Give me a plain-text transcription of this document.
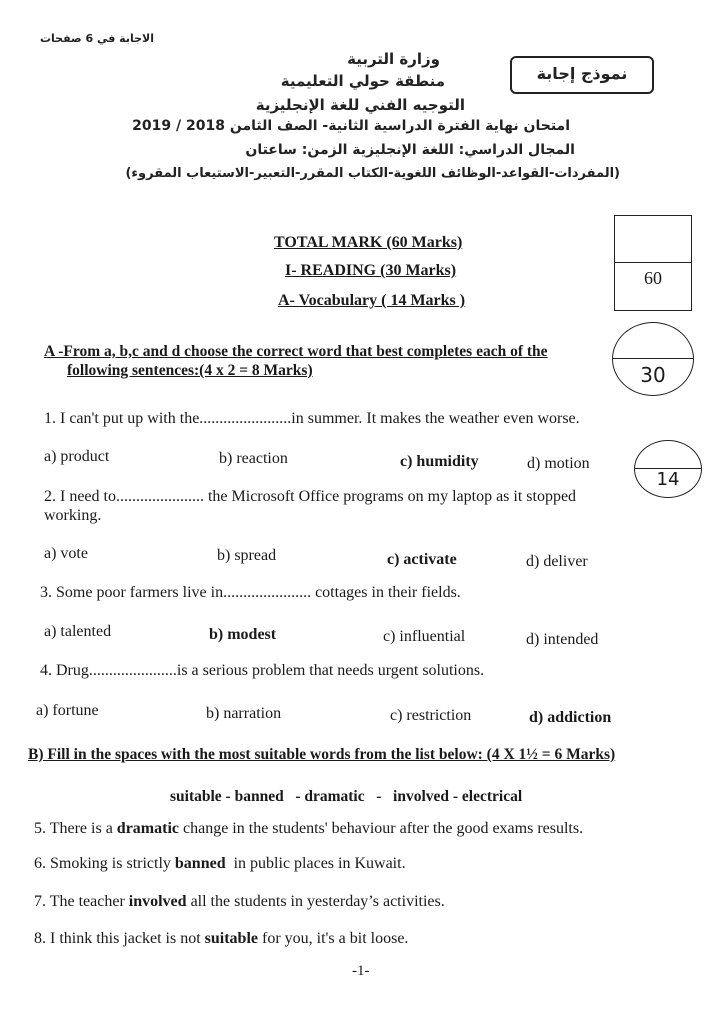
الاجابة في 6 صفحات
وزارة التربية
منطقة حولي التعليمية
التوجيه الفني للغة الإنجليزية
امتحان نهاية الفترة الدراسية الثانية- الصف الثامن 2018 / 2019
المجال الدراسي: اللغة الإنجليزية الزمن: ساعتان
(المفردات-القواعد-الوظائف اللغوية-الكتاب المقرر-التعبير-الاستيعاب المقروء)
نموذج إجابة
TOTAL MARK (60 Marks)
I- READING (30 Marks)
A- Vocabulary ( 14 Marks )
60
30
14
A -From a, b,c and d choose the correct word that best completes each of the
following sentences:(4 x 2 = 8 Marks)
1. I can't put up with the.......................in summer. It makes the weather even worse.
a) product	b) reaction	c) humidity	d) motion
2. I need to...................... the Microsoft Office programs on my laptop as it stopped
working.
a) vote	b) spread	c) activate	d) deliver
3. Some poor farmers live in...................... cottages in their fields.
a) talented	b) modest	c) influential	d) intended
4. Drug......................is a serious problem that needs urgent solutions.
a) fortune	b) narration	c) restriction	d) addiction
B) Fill in the spaces with the most suitable words from the list below: (4 X 1½ = 6 Marks)
suitable - banned   - dramatic   -   involved - electrical
5. There is a dramatic change in the students' behaviour after the good exams results.
6. Smoking is strictly banned  in public places in Kuwait.
7. The teacher involved all the students in yesterday’s activities.
8. I think this jacket is not suitable for you, it's a bit loose.
-1-
